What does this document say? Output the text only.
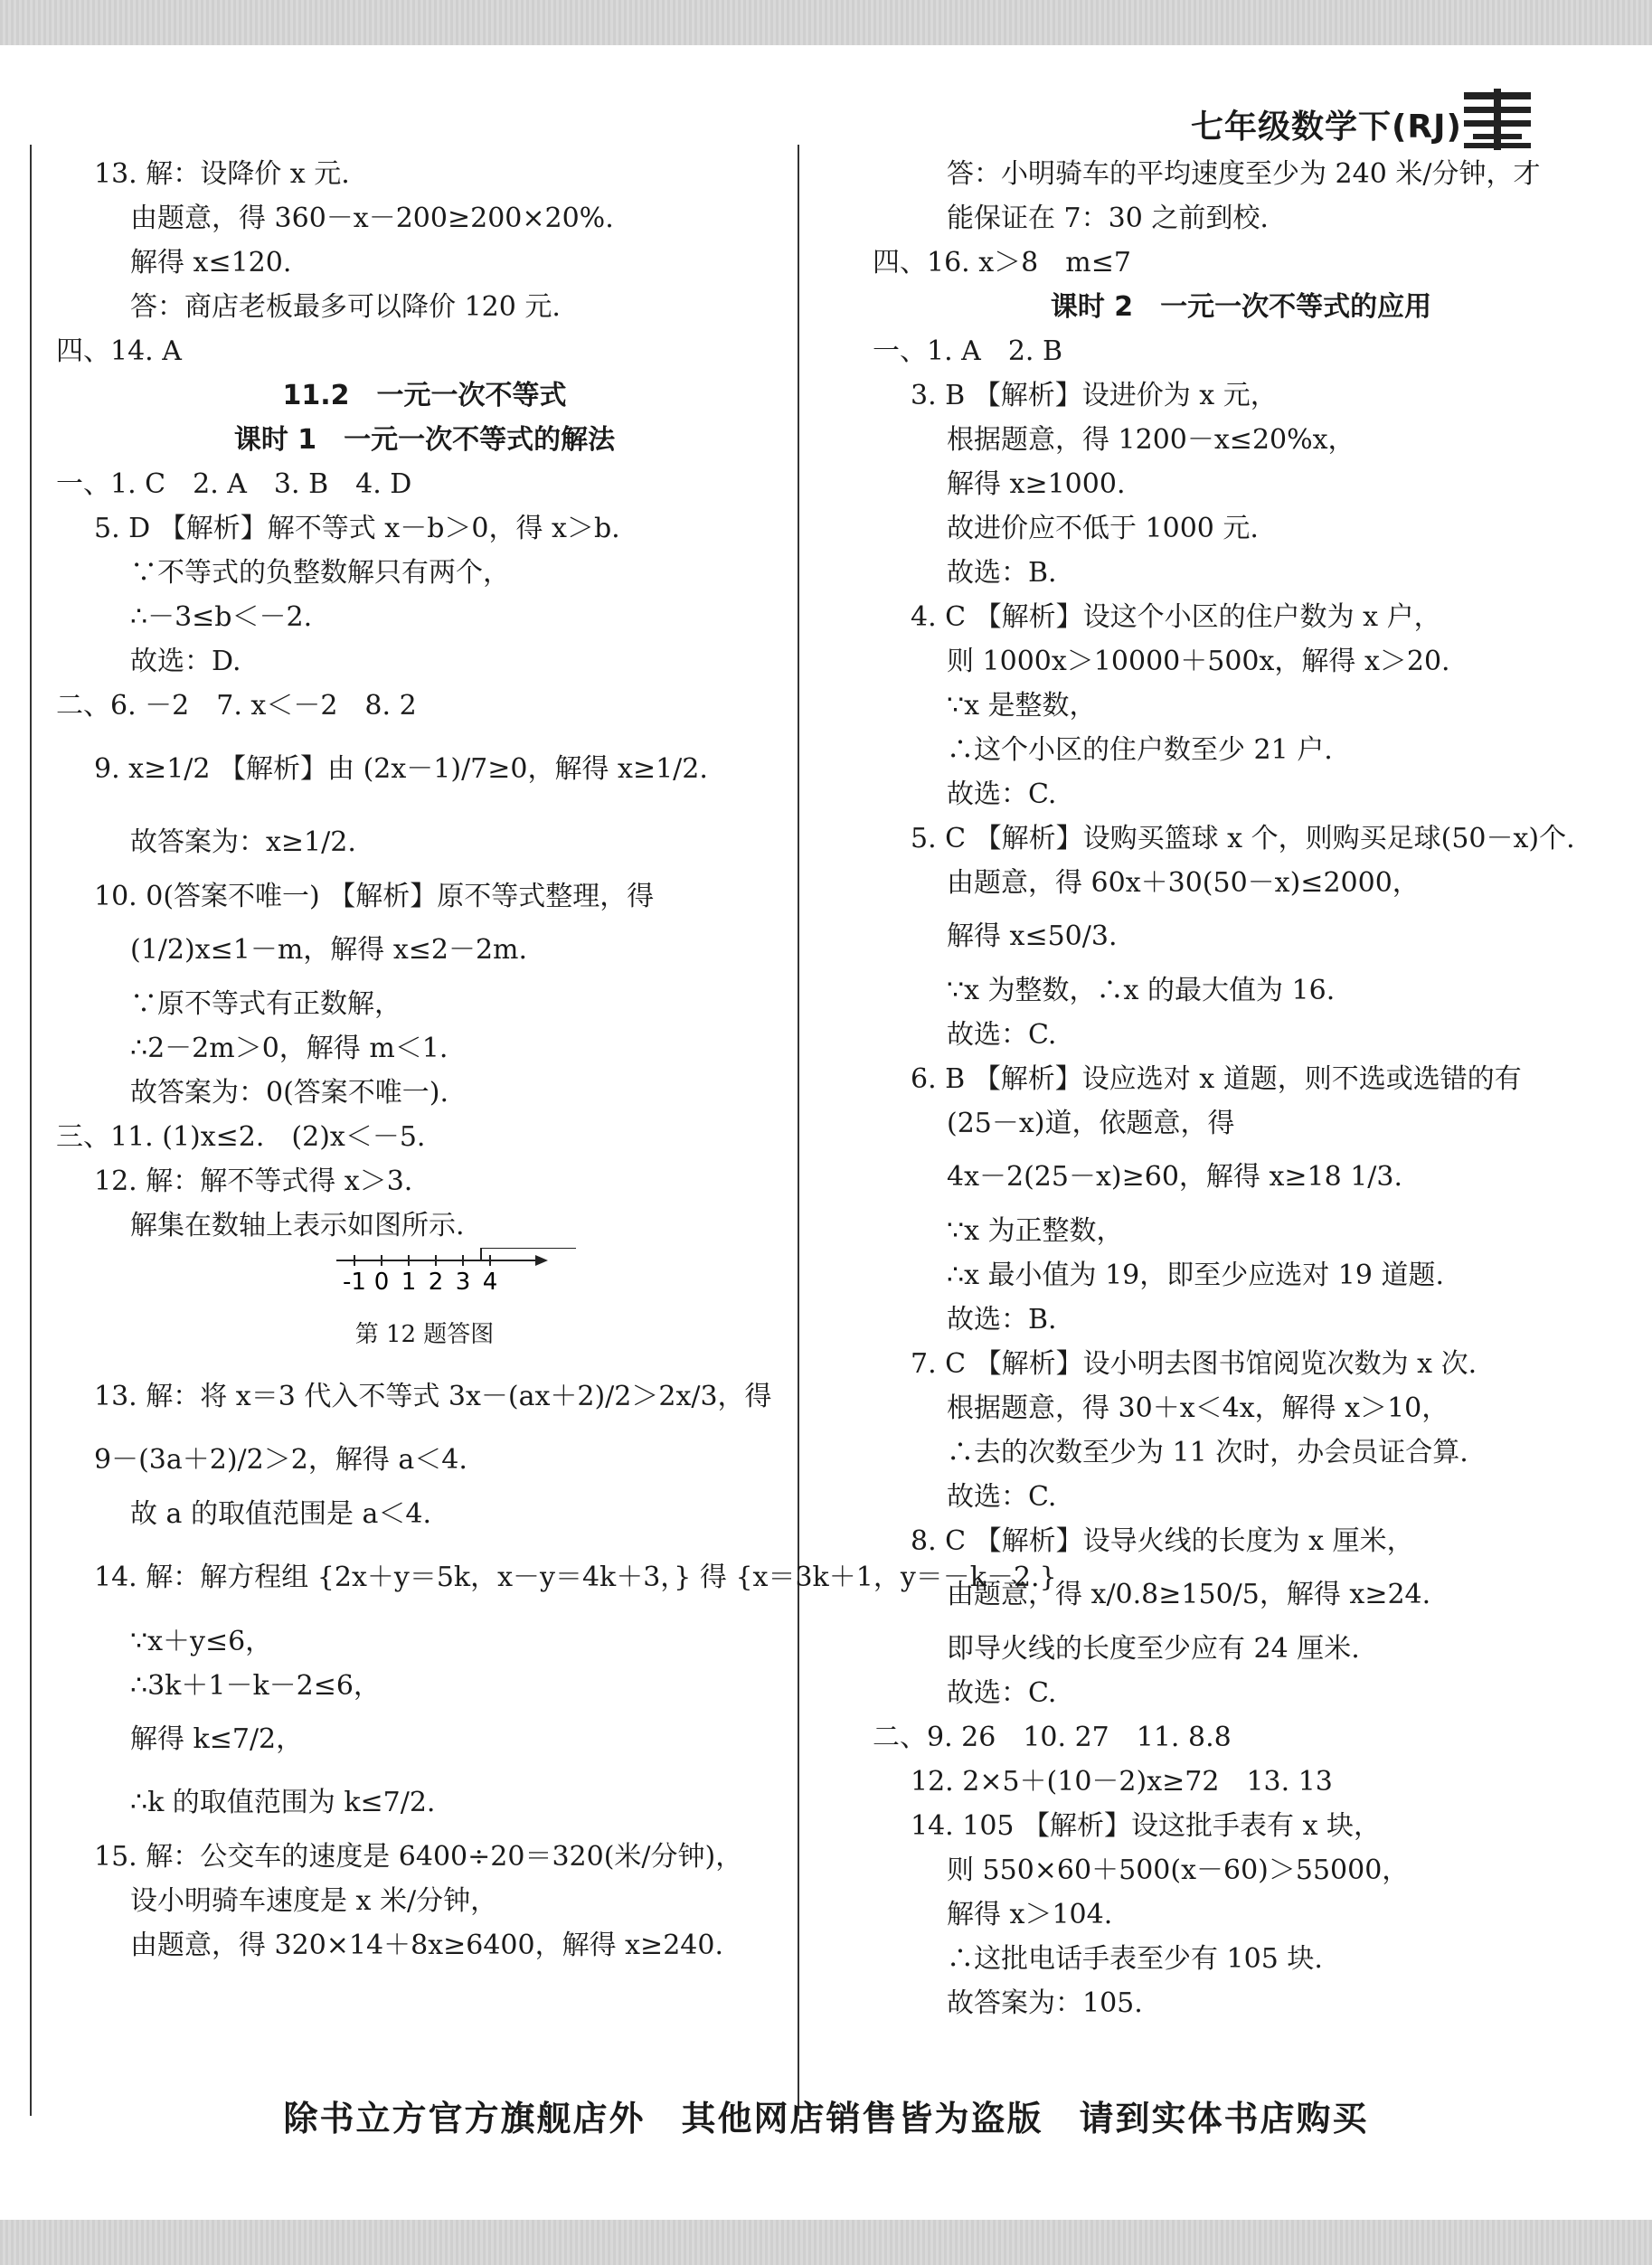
七年级数学下(RJ)
13. 解：设降价 x 元.
由题意，得 360－x－200≥200×20%.
解得 x≤120.
答：商店老板最多可以降价 120 元.
四、14. A
11.2　一元一次不等式
课时 1　一元一次不等式的解法
一、1. C　2. A　3. B　4. D
5. D 【解析】解不等式 x－b＞0，得 x＞b.
∵不等式的负整数解只有两个，
∴－3≤b＜－2.
故选：D.
二、6. －2　7. x＜－2　8. 2
9. x≥1/2 【解析】由 (2x－1)/7≥0，解得 x≥1/2.
故答案为：x≥1/2.
10. 0(答案不唯一) 【解析】原不等式整理，得
(1/2)x≤1－m，解得 x≤2－2m.
∵原不等式有正数解，
∴2－2m＞0，解得 m＜1.
故答案为：0(答案不唯一).
三、11. (1)x≤2.　(2)x＜－5.
12. 解：解不等式得 x＞3.
解集在数轴上表示如图所示.
-1 0 1 2 3 4
第 12 题答图
13. 解：将 x＝3 代入不等式 3x－(ax＋2)/2＞2x/3，得
9－(3a＋2)/2＞2，解得 a＜4.
故 a 的取值范围是 a＜4.
14. 解：解方程组 {2x＋y＝5k，x－y＝4k＋3，} 得 {x＝3k＋1，y＝－k－2.}
∵x＋y≤6，
∴3k＋1－k－2≤6，
解得 k≤7/2，
∴k 的取值范围为 k≤7/2.
15. 解：公交车的速度是 6400÷20＝320(米/分钟)，
设小明骑车速度是 x 米/分钟，
由题意，得 320×14＋8x≥6400，解得 x≥240.
答：小明骑车的平均速度至少为 240 米/分钟，才
能保证在 7：30 之前到校.
四、16. x＞8　m≤7
课时 2　一元一次不等式的应用
一、1. A　2. B
3. B 【解析】设进价为 x 元，
根据题意，得 1200－x≤20%x，
解得 x≥1000.
故进价应不低于 1000 元.
故选：B.
4. C 【解析】设这个小区的住户数为 x 户，
则 1000x＞10000＋500x，解得 x＞20.
∵x 是整数，
∴这个小区的住户数至少 21 户.
故选：C.
5. C 【解析】设购买篮球 x 个，则购买足球(50－x)个.
由题意，得 60x＋30(50－x)≤2000，
解得 x≤50/3.
∵x 为整数，∴x 的最大值为 16.
故选：C.
6. B 【解析】设应选对 x 道题，则不选或选错的有
(25－x)道，依题意，得
4x－2(25－x)≥60，解得 x≥18 1/3.
∵x 为正整数，
∴x 最小值为 19，即至少应选对 19 道题.
故选：B.
7. C 【解析】设小明去图书馆阅览次数为 x 次.
根据题意，得 30＋x＜4x，解得 x＞10，
∴去的次数至少为 11 次时，办会员证合算.
故选：C.
8. C 【解析】设导火线的长度为 x 厘米，
由题意，得 x/0.8≥150/5，解得 x≥24.
即导火线的长度至少应有 24 厘米.
故选：C.
二、9. 26　10. 27　11. 8.8
12. 2×5＋(10－2)x≥72　13. 13
14. 105 【解析】设这批手表有 x 块，
则 550×60＋500(x－60)＞55000，
解得 x＞104.
∴这批电话手表至少有 105 块.
故答案为：105.
除书立方官方旗舰店外　其他网店销售皆为盗版　请到实体书店购买
